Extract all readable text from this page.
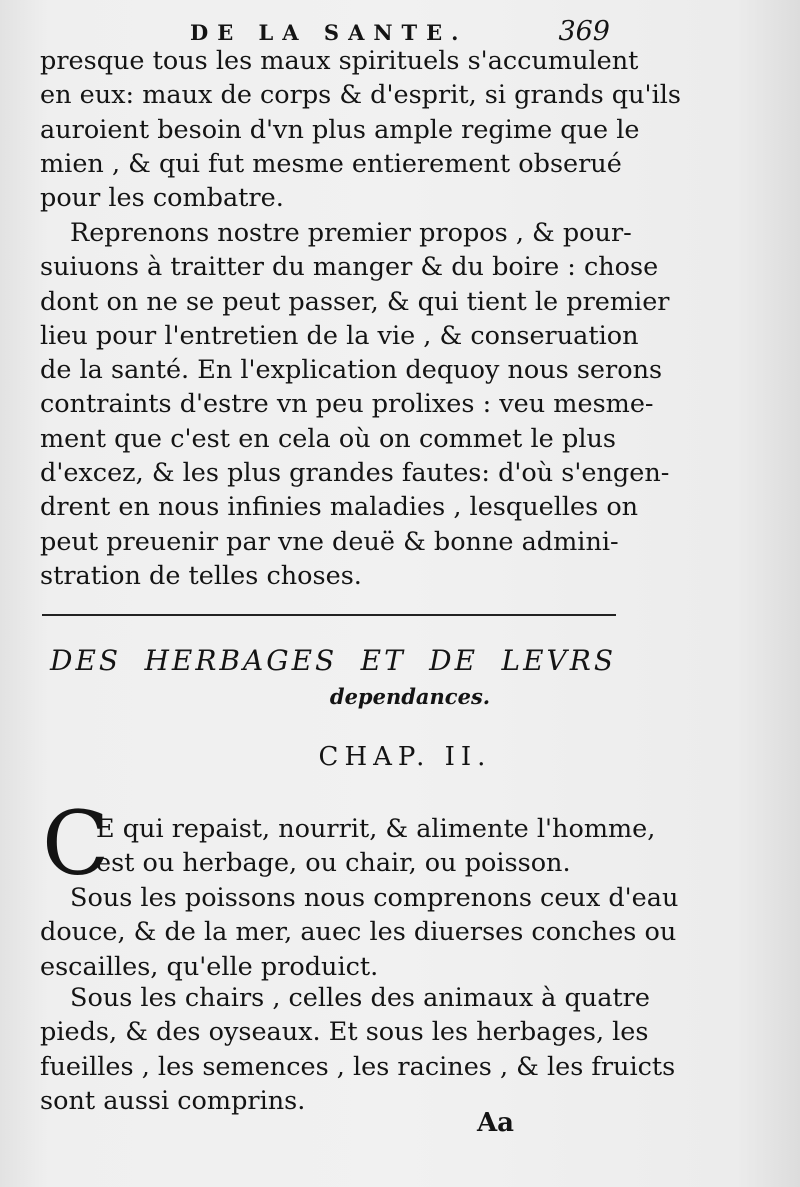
DE LA SANTE.	369
presque tous les maux spirituels s'accumulent
en eux: maux de corps & d'esprit, si grands qu'ils
auroient besoin d'vn plus ample regime que le
mien , & qui fut mesme entierement obserué
pour les combatre.
Reprenons nostre premier propos , & pour-
suiuons à traitter du manger & du boire : chose
dont on ne se peut passer, & qui tient le premier
lieu pour l'entretien de la vie , & conseruation
de la santé. En l'explication dequoy nous serons
contraints d'estre vn peu prolixes : veu mesme-
ment que c'est en cela où on commet le plus
d'excez, & les plus grandes fautes: d'où s'engen-
drent en nous infinies maladies , lesquelles on
peut preuenir par vne deuë & bonne admini-
stration de telles choses.
DES HERBAGES ET DE LEVRS
dependances.
CHAP. II.
C
E qui repaist, nourrit, & alimente l'homme,
est ou herbage, ou chair, ou poisson.
Sous les poissons nous comprenons ceux d'eau
douce, & de la mer, auec les diuerses conches ou
escailles, qu'elle produict.
Sous les chairs , celles des animaux à quatre
pieds, & des oyseaux. Et sous les herbages, les
fueilles , les semences , les racines , & les fruicts
sont aussi comprins.
Aa
